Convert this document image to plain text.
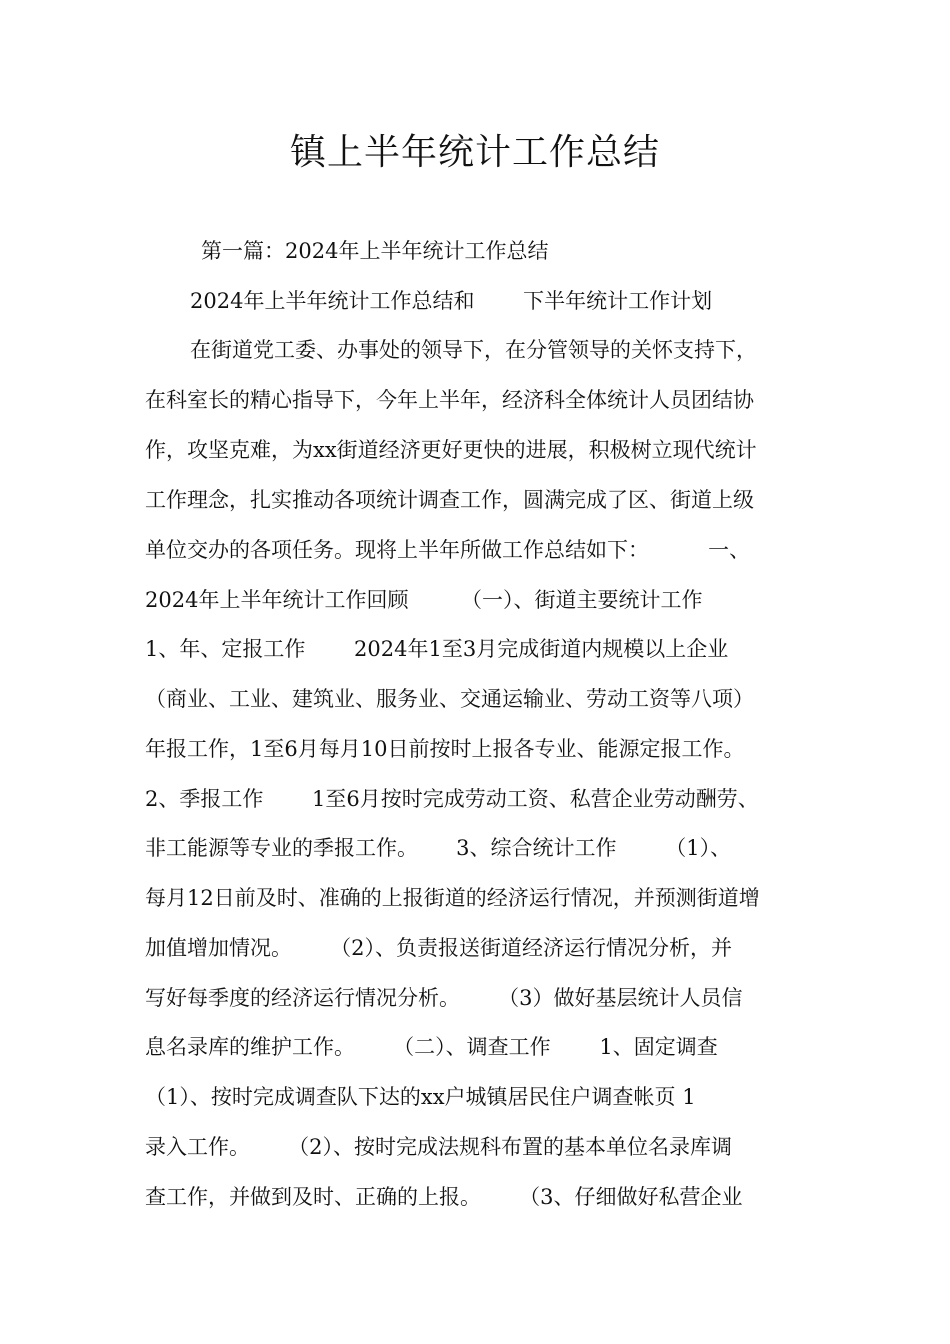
镇上半年统计工作总结
第一篇：2024年上半年统计工作总结
2024年上半年统计工作总结和　　 下半年统计工作计划
在街道党工委、办事处的领导下，在分管领导的关怀支持下，
在科室长的精心指导下，今年上半年，经济科全体统计人员团结协
作，攻坚克难，为xx街道经济更好更快的进展，积极树立现代统计
工作理念，扎实推动各项统计调查工作，圆满完成了区、街道上级
单位交办的各项任务。现将上半年所做工作总结如下：　　　 一、
2024年上半年统计工作回顾　　　（一）、街道主要统计工作
1、年、定报工作　　 2024年1至3月完成街道内规模以上企业
（商业、工业、建筑业、服务业、交通运输业、劳动工资等八项）
年报工作，1至6月每月10日前按时上报各专业、能源定报工作。
2、季报工作　　 1至6月按时完成劳动工资、私营企业劳动酬劳、
非工能源等专业的季报工作。　　 3、综合统计工作　　 （1）、
每月12日前及时、准确的上报街道的经济运行情况，并预测街道增
加值增加情况。　　 （2）、负责报送街道经济运行情况分析，并
写好每季度的经济运行情况分析。　　 （3）做好基层统计人员信
息名录库的维护工作。　　 （二）、调查工作　　 1、固定调查
（1）、按时完成调查队下达的xx户城镇居民住户调查帐页 1
录入工作。　　 （2）、按时完成法规科布置的基本单位名录库调
查工作，并做到及时、正确的上报。　　 （3、仔细做好私营企业
